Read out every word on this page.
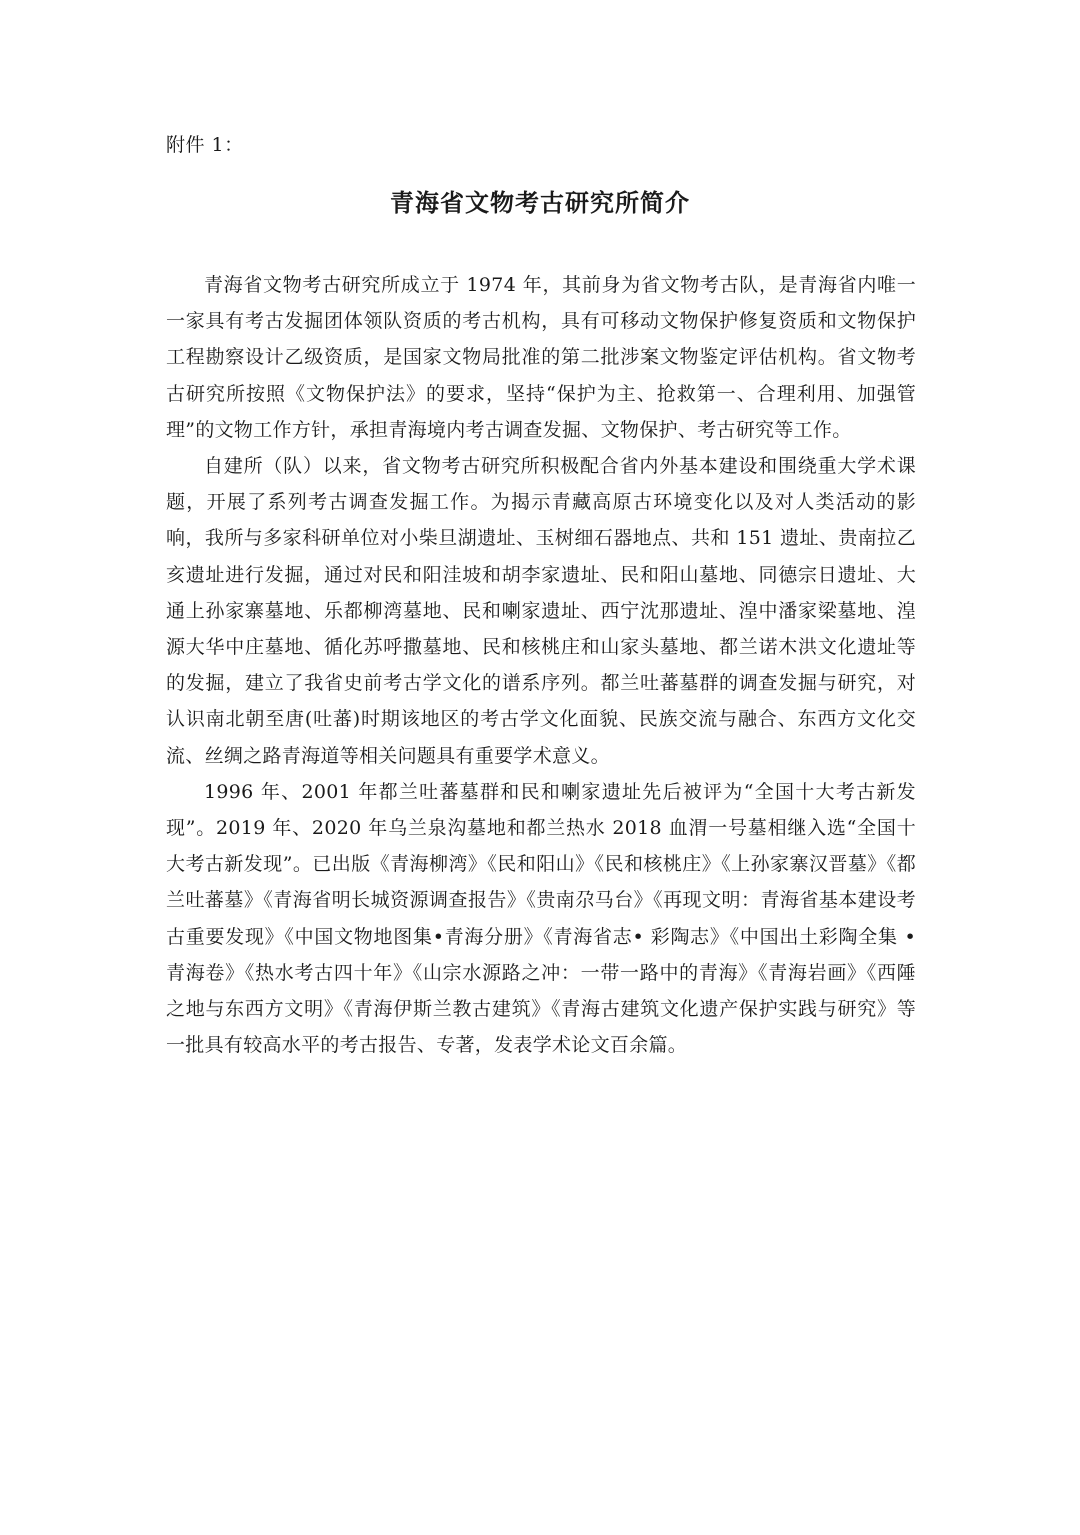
附件 1：
青海省文物考古研究所简介

青海省文物考古研究所成立于 1974 年，其前身为省文物考古队，是青海省内唯一一家具有考古发掘团体领队资质的考古机构，具有可移动文物保护修复资质和文物保护工程勘察设计乙级资质，是国家文物局批准的第二批涉案文物鉴定评估机构。省文物考古研究所按照《文物保护法》的要求，坚持“保护为主、抢救第一、合理利用、加强管理”的文物工作方针，承担青海境内考古调查发掘、文物保护、考古研究等工作。

自建所（队）以来，省文物考古研究所积极配合省内外基本建设和围绕重大学术课题，开展了系列考古调查发掘工作。为揭示青藏高原古环境变化以及对人类活动的影响，我所与多家科研单位对小柴旦湖遗址、玉树细石器地点、共和 151 遗址、贵南拉乙亥遗址进行发掘，通过对民和阳洼坡和胡李家遗址、民和阳山墓地、同德宗日遗址、大通上孙家寨墓地、乐都柳湾墓地、民和喇家遗址、西宁沈那遗址、湟中潘家梁墓地、湟源大华中庄墓地、循化苏呼撒墓地、民和核桃庄和山家头墓地、都兰诺木洪文化遗址等的发掘，建立了我省史前考古学文化的谱系序列。都兰吐蕃墓群的调查发掘与研究，对认识南北朝至唐(吐蕃)时期该地区的考古学文化面貌、民族交流与融合、东西方文化交流、丝绸之路青海道等相关问题具有重要学术意义。

1996 年、2001 年都兰吐蕃墓群和民和喇家遗址先后被评为“全国十大考古新发现”。2019 年、2020 年乌兰泉沟墓地和都兰热水 2018 血渭一号墓相继入选“全国十大考古新发现”。已出版《青海柳湾》《民和阳山》《民和核桃庄》《上孙家寨汉晋墓》《都兰吐蕃墓》《青海省明长城资源调查报告》《贵南尕马台》《再现文明：青海省基本建设考古重要发现》《中国文物地图集•青海分册》《青海省志• 彩陶志》《中国出土彩陶全集 • 青海卷》《热水考古四十年》《山宗水源路之冲：一带一路中的青海》《青海岩画》《西陲之地与东西方文明》《青海伊斯兰教古建筑》《青海古建筑文化遗产保护实践与研究》等一批具有较高水平的考古报告、专著，发表学术论文百余篇。
